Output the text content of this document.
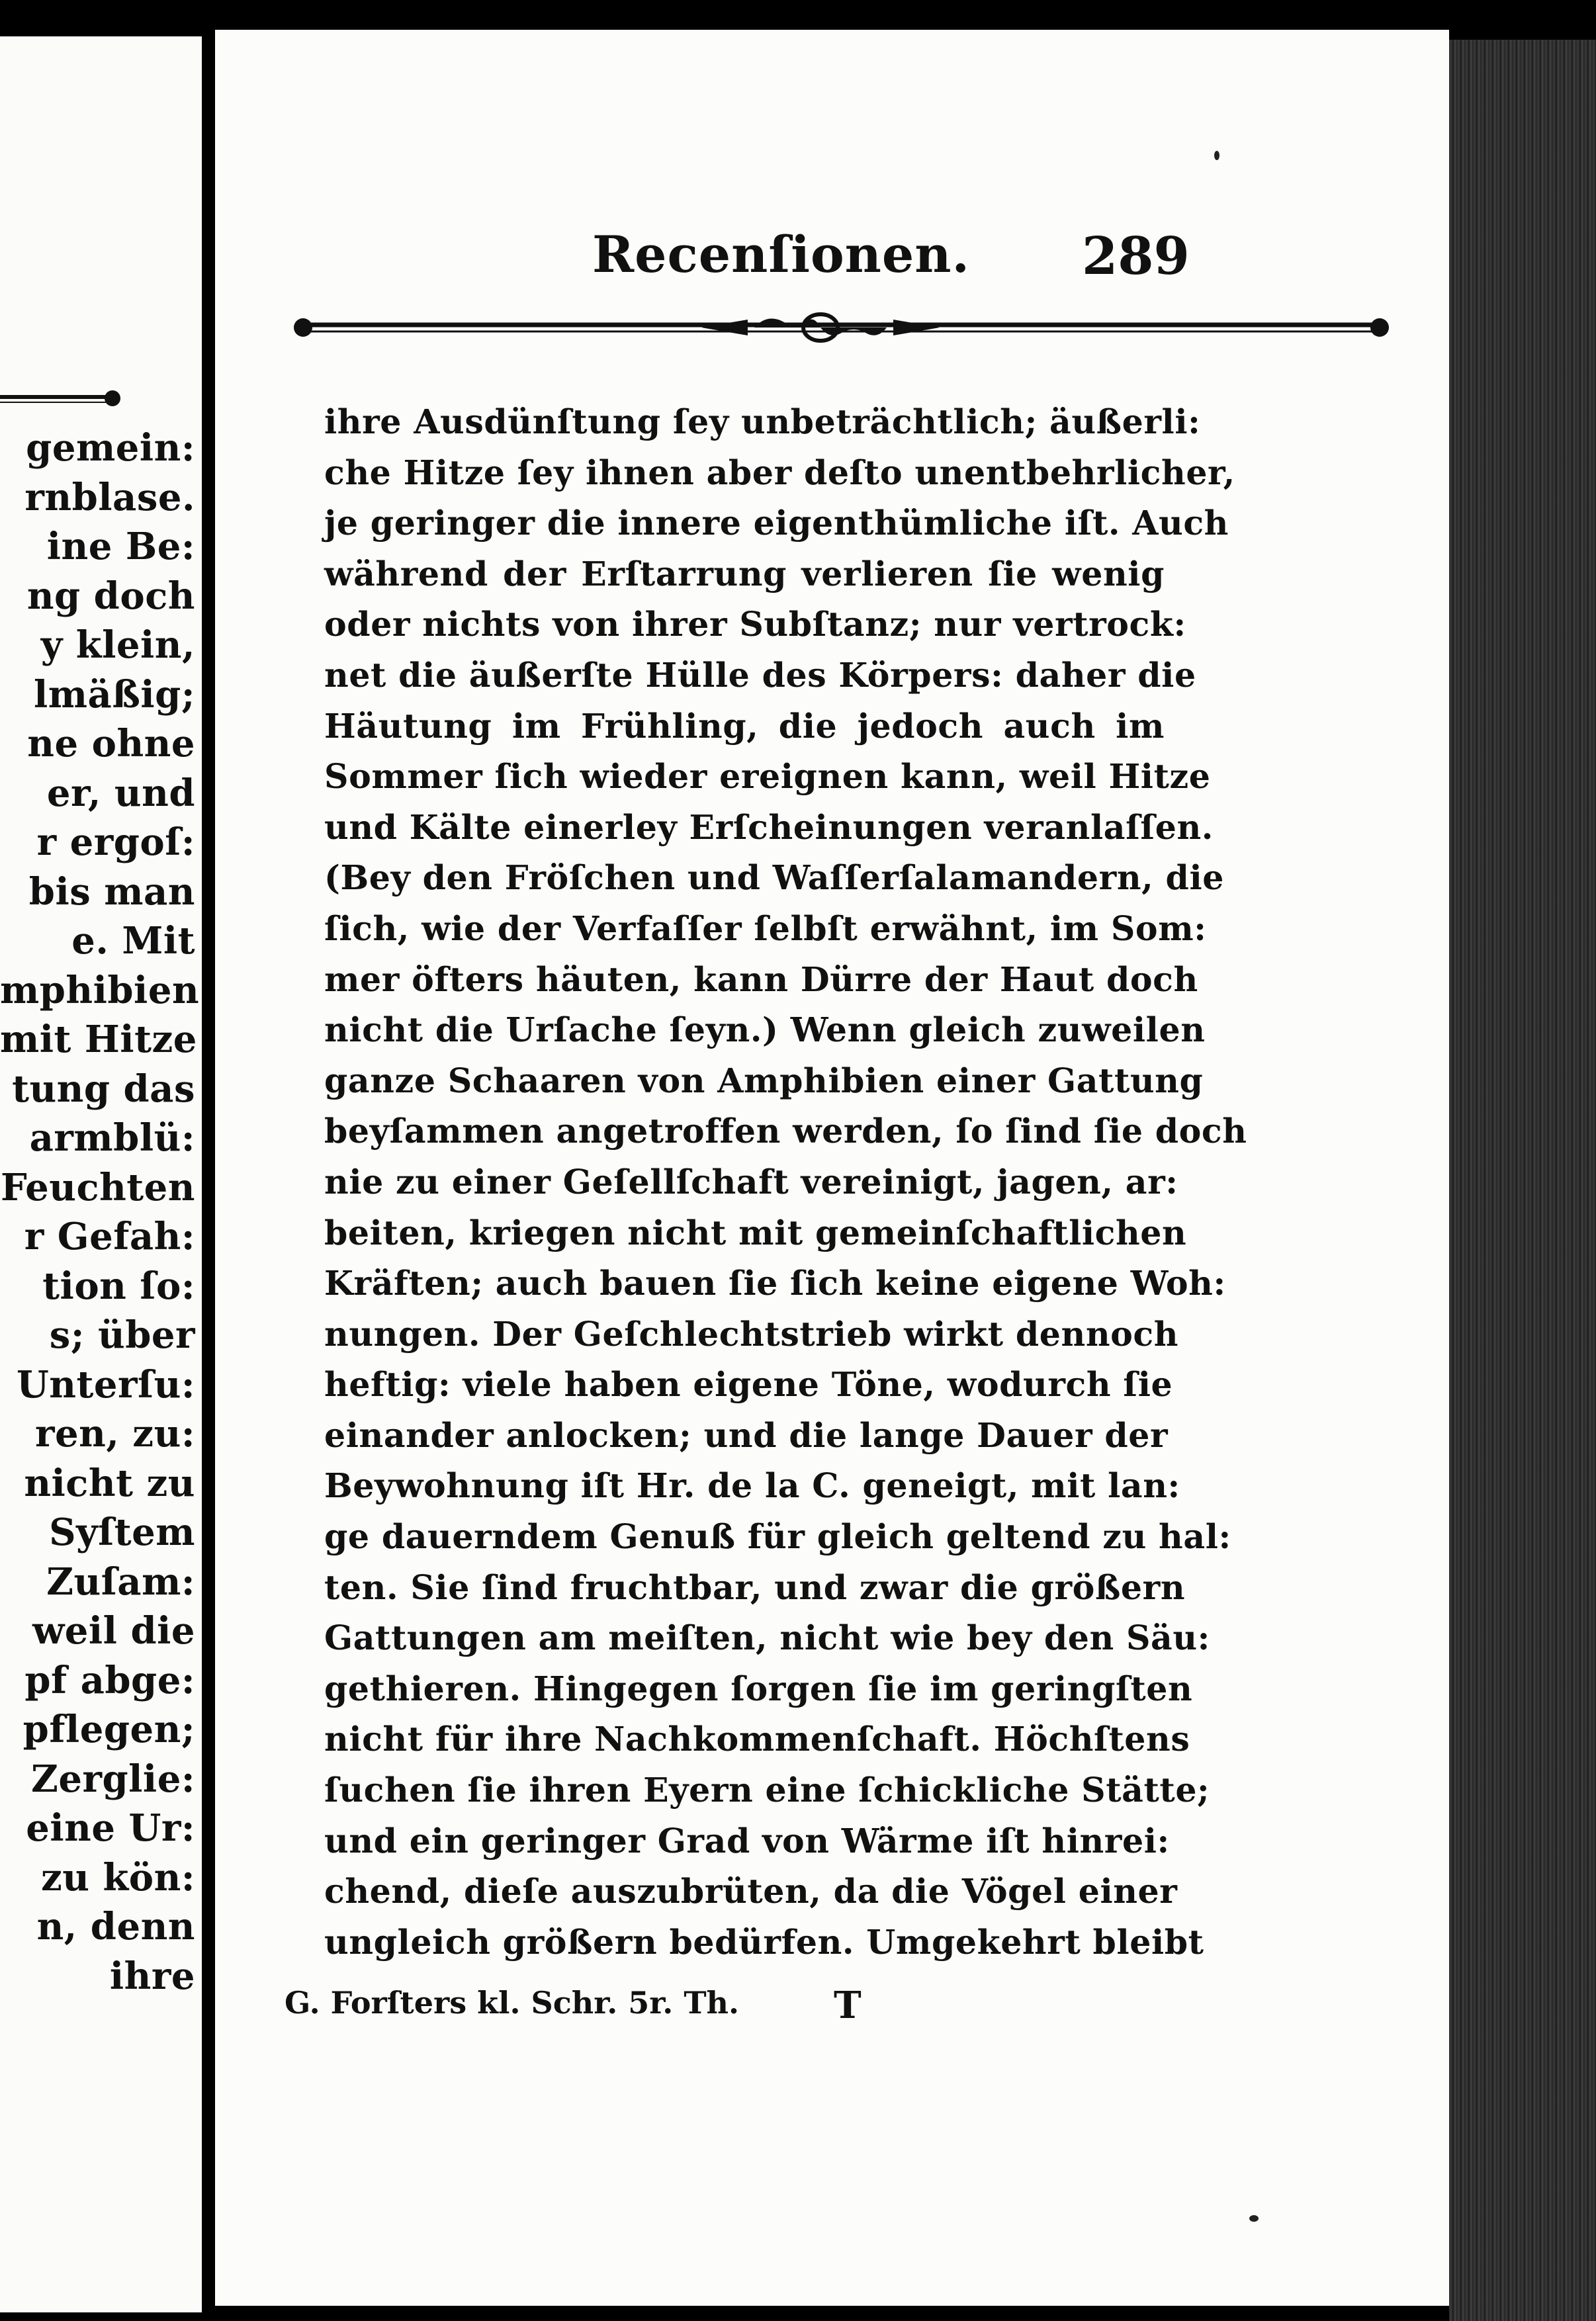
gemein:
rnblase.
ine Be:
ng doch
y klein,
lmäßig;
ne ohne
er, und
r ergoſ:
bis man
e. Mit
mphibien
mit Hitze
tung das
armblü:
Feuchten
r Gefah:
tion ſo:
s; über
Unterſu:
ren, zu:
nicht zu
Syſtem
Zuſam:
weil die
pf abge:
pflegen;
Zerglie:
eine Ur:
zu kön:
n, denn
ihre
Recenſionen. 289
ihre Ausdünſtung ſey unbeträchtlich; äußerli:
che Hitze ſey ihnen aber deſto unentbehrlicher,
je geringer die innere eigenthümliche iſt. Auch
während der Erſtarrung verlieren ſie wenig
oder nichts von ihrer Subſtanz; nur vertrock:
net die äußerſte Hülle des Körpers: daher die
Häutung im Frühling, die jedoch auch im
Sommer ſich wieder ereignen kann, weil Hitze
und Kälte einerley Erſcheinungen veranlaſſen.
(Bey den Fröſchen und Waſſerſalamandern, die
ſich, wie der Verfaſſer ſelbſt erwähnt, im Som:
mer öfters häuten, kann Dürre der Haut doch
nicht die Urſache ſeyn.) Wenn gleich zuweilen
ganze Schaaren von Amphibien einer Gattung
beyſammen angetroffen werden, ſo ſind ſie doch
nie zu einer Geſellſchaft vereinigt, jagen, ar:
beiten, kriegen nicht mit gemeinſchaftlichen
Kräften; auch bauen ſie ſich keine eigene Woh:
nungen. Der Geſchlechtstrieb wirkt dennoch
heftig: viele haben eigene Töne, wodurch ſie
einander anlocken; und die lange Dauer der
Beywohnung iſt Hr. de la C. geneigt, mit lan:
ge dauerndem Genuß für gleich geltend zu hal:
ten. Sie ſind fruchtbar, und zwar die größern
Gattungen am meiſten, nicht wie bey den Säu:
gethieren. Hingegen ſorgen ſie im geringſten
nicht für ihre Nachkommenſchaft. Höchſtens
ſuchen ſie ihren Eyern eine ſchickliche Stätte;
und ein geringer Grad von Wärme iſt hinrei:
chend, dieſe auszubrüten, da die Vögel einer
ungleich größern bedürfen. Umgekehrt bleibt
G. Forſters kl. Schr. 5r. Th.	T
